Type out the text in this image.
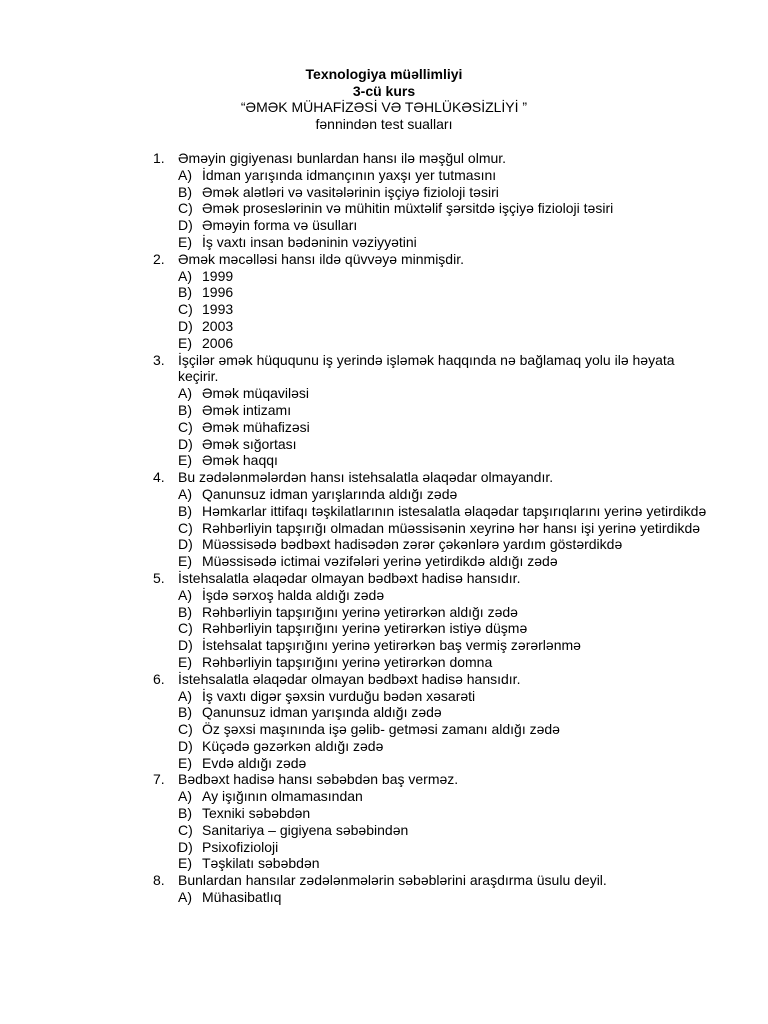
Texnologiya müəllimliyi
3-cü kurs
“ƏMƏK MÜHAFİZƏSİ VƏ TƏHLÜKƏSİZLİYİ ”
fənnindən test sualları
1. Əməyin gigiyenası bunlardan hansı ilə məşğul olmur.
A) İdman yarışında idmançının yaxşı yer tutmasını
B) Əmək alətləri və vasitələrinin işçiyə fizioloji təsiri
C) Əmək proseslərinin və mühitin müxtəlif şərsitdə işçiyə fizioloji təsiri
D) Əməyin forma və üsulları
E) İş vaxtı insan bədəninin vəziyyətini
2. Əmək məcəlləsi hansı ildə qüvvəyə minmişdir.
A) 1999
B) 1996
C) 1993
D) 2003
E) 2006
3. İşçilər əmək hüququnu iş yerində işləmək haqqında nə bağlamaq yolu ilə həyata keçirir.
A) Əmək müqaviləsi
B) Əmək intizamı
C) Əmək mühafizəsi
D) Əmək sığortası
E) Əmək haqqı
4. Bu zədələnmələrdən hansı istehsalatla əlaqədar olmayandır.
A) Qanunsuz idman yarışlarında aldığı zədə
B) Həmkarlar ittifaqı təşkilatlarının istesalatla əlaqədar tapşırıqlarını yerinə yetirdikdə
C) Rəhbərliyin tapşırığı olmadan müəssisənin xeyrinə hər hansı işi yerinə yetirdikdə
D) Müəssisədə bədbəxt hadisədən zərər çəkənlərə yardım göstərdikdə
E) Müəssisədə ictimai vəzifələri yerinə yetirdikdə aldığı zədə
5. İstehsalatla əlaqədar olmayan bədbəxt hadisə hansıdır.
A) İşdə sərxoş halda aldığı zədə
B) Rəhbərliyin tapşırığını yerinə yetirərkən aldığı zədə
C) Rəhbərliyin tapşırığını yerinə yetirərkən istiyə düşmə
D) İstehsalat tapşırığını yerinə yetirərkən baş vermiş zərərlənmə
E) Rəhbərliyin tapşırığını yerinə yetirərkən domna
6. İstehsalatla əlaqədar olmayan bədbəxt hadisə hansıdır.
A) İş vaxtı digər şəxsin vurduğu bədən xəsarəti
B) Qanunsuz idman yarışında aldığı zədə
C) Öz şəxsi maşınında işə gəlib- getməsi zamanı aldığı zədə
D) Küçədə gəzərkən aldığı zədə
E) Evdə aldığı zədə
7. Bədbəxt hadisə hansı səbəbdən baş verməz.
A) Ay işığının olmamasından
B) Texniki səbəbdən
C) Sanitariya – gigiyena səbəbindən
D) Psixofizioloji
E) Təşkilatı səbəbdən
8. Bunlardan hansılar zədələnmələrin səbəblərini araşdırma üsulu deyil.
A) Mühasibatlıq
